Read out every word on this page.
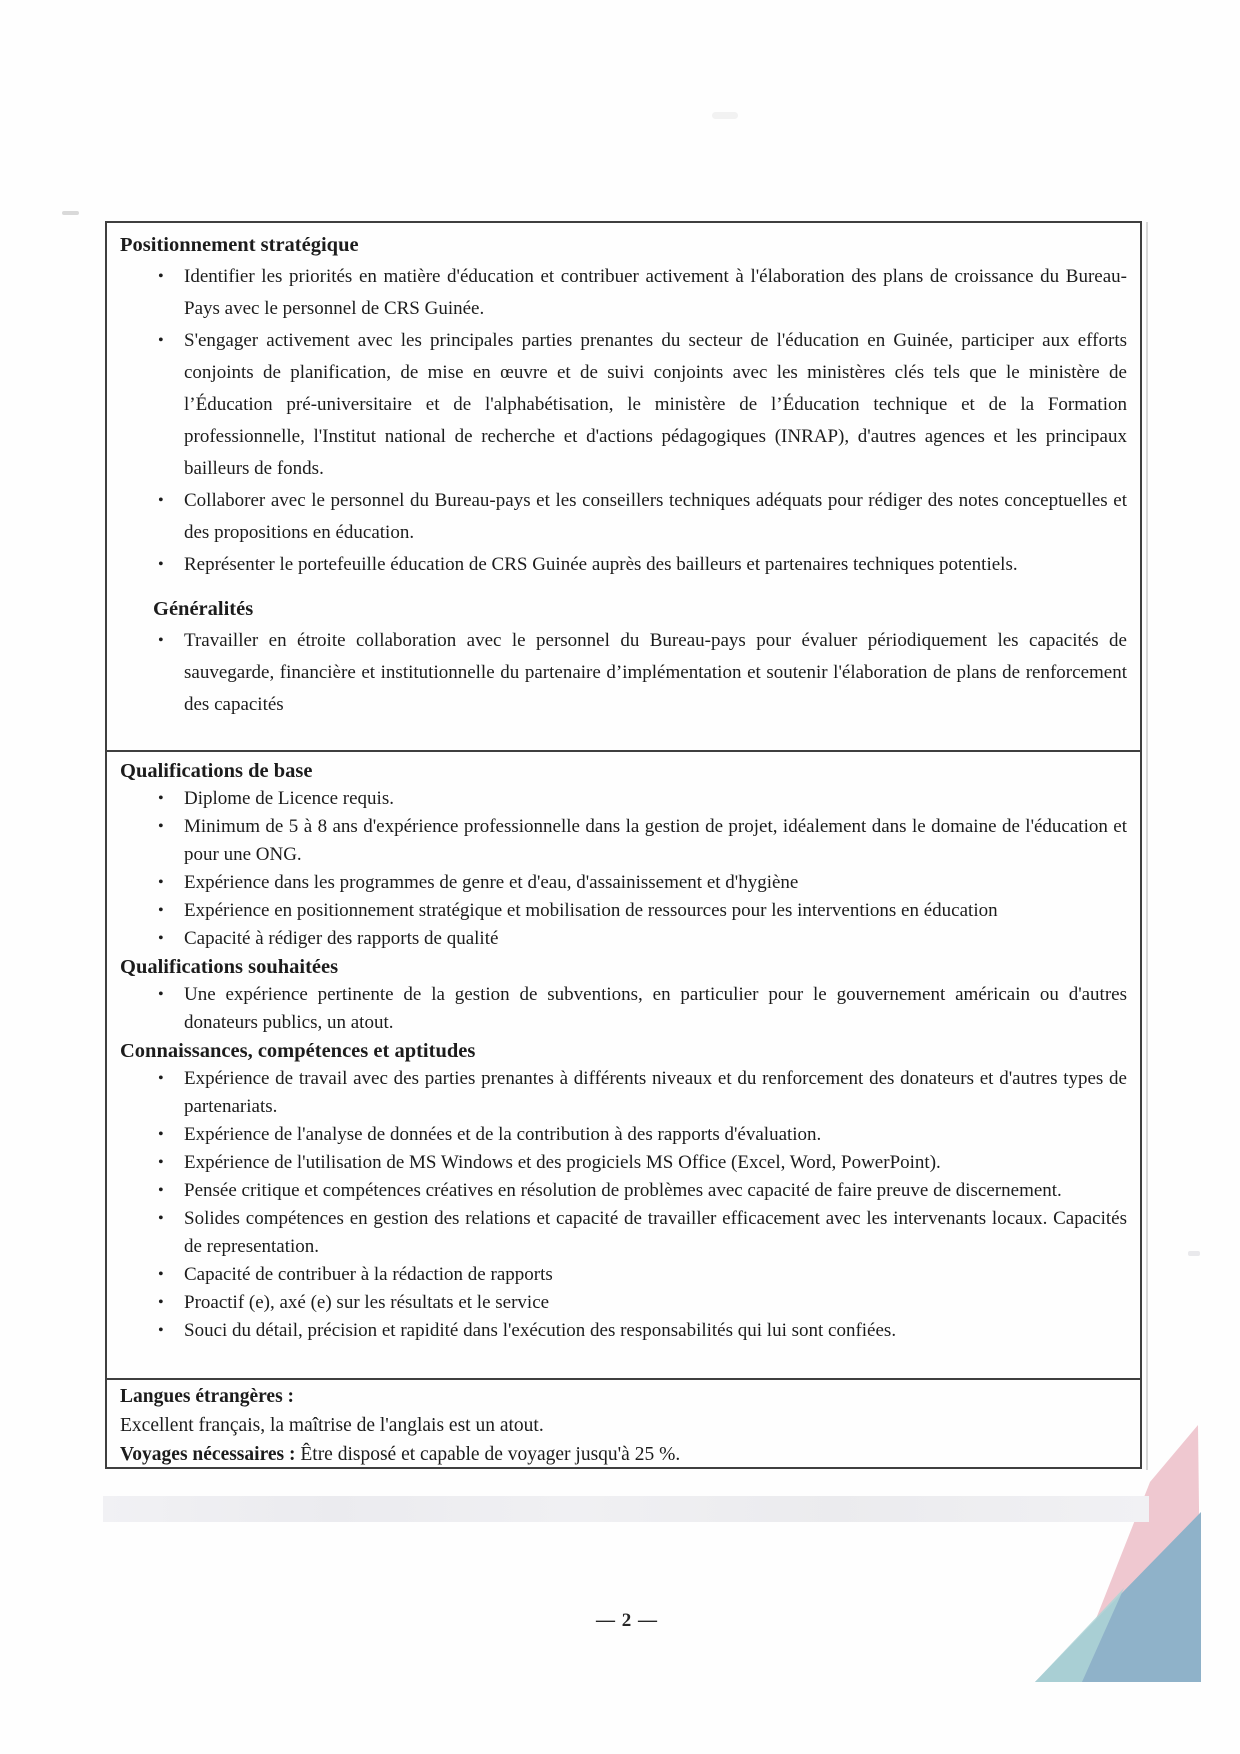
Positionnement stratégique
• Identifier les priorités en matière d'éducation et contribuer activement à l'élaboration des plans de croissance du Bureau-Pays avec le personnel de CRS Guinée.
• S'engager activement avec les principales parties prenantes du secteur de l'éducation en Guinée, participer aux efforts conjoints de planification, de mise en œuvre et de suivi conjoints avec les ministères clés tels que le ministère de l’Éducation pré-universitaire et de l'alphabétisation, le ministère de l’Éducation technique et de la Formation professionnelle, l'Institut national de recherche et d'actions pédagogiques (INRAP), d'autres agences et les principaux bailleurs de fonds.
• Collaborer avec le personnel du Bureau-pays et les conseillers techniques adéquats pour rédiger des notes conceptuelles et des propositions en éducation.
• Représenter le portefeuille éducation de CRS Guinée auprès des bailleurs et partenaires techniques potentiels.
Généralités
• Travailler en étroite collaboration avec le personnel du Bureau-pays pour évaluer périodiquement les capacités de sauvegarde, financière et institutionnelle du partenaire d’implémentation et soutenir l'élaboration de plans de renforcement des capacités
Qualifications de base
• Diplome de Licence requis.
• Minimum de 5 à 8 ans d'expérience professionnelle dans la gestion de projet, idéalement dans le domaine de l'éducation et pour une ONG.
• Expérience dans les programmes de genre et d'eau, d'assainissement et d'hygiène
• Expérience en positionnement stratégique et mobilisation de ressources pour les interventions en éducation
• Capacité à rédiger des rapports de qualité
Qualifications souhaitées
• Une expérience pertinente de la gestion de subventions, en particulier pour le gouvernement américain ou d'autres donateurs publics, un atout.
Connaissances, compétences et aptitudes
• Expérience de travail avec des parties prenantes à différents niveaux et du renforcement des donateurs et d'autres types de partenariats.
• Expérience de l'analyse de données et de la contribution à des rapports d'évaluation.
• Expérience de l'utilisation de MS Windows et des progiciels MS Office (Excel, Word, PowerPoint).
• Pensée critique et compétences créatives en résolution de problèmes avec capacité de faire preuve de discernement.
• Solides compétences en gestion des relations et capacité de travailler efficacement avec les intervenants locaux. Capacités de representation.
• Capacité de contribuer à la rédaction de rapports
• Proactif (e), axé (e) sur les résultats et le service
• Souci du détail, précision et rapidité dans l'exécution des responsabilités qui lui sont confiées.

Langues étrangères :

Excellent français, la maîtrise de l'anglais est un atout.

Voyages nécessaires : Être disposé et capable de voyager jusqu'à 25 %.

— 2 —
